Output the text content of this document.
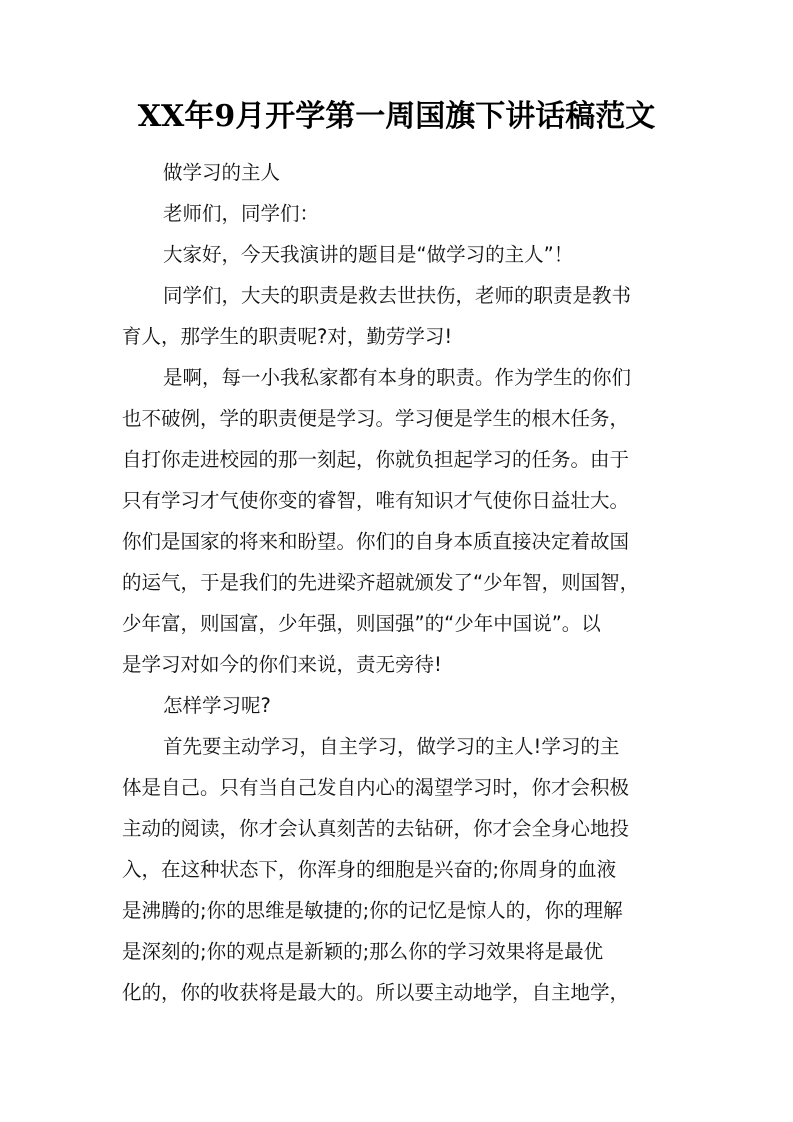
XX年9月开学第一周国旗下讲话稿范文

做学习的主人

老师们，同学们：

大家好，今天我演讲的题目是“做学习的主人”！

同学们，大夫的职责是救去世扶伤，老师的职责是教书
育人，那学生的职责呢?对，勤劳学习!

是啊，每一小我私家都有本身的职责。作为学生的你们
也不破例，学的职责便是学习。学习便是学生的根木任务，
自打你走进校园的那一刻起，你就负担起学习的任务。由于
只有学习才气使你变的睿智，唯有知识才气使你日益壮大。
你们是国家的将来和盼望。你们的自身本质直接决定着故国
的运气，于是我们的先进梁齐超就颁发了“少年智，则国智，
少年富，则国富，少年强，则国强”的“少年中国说”。以
是学习对如今的你们来说，责无旁待!

怎样学习呢?

首先要主动学习，自主学习，做学习的主人!学习的主
体是自己。只有当自己发自内心的渴望学习时，你才会积极
主动的阅读，你才会认真刻苦的去钻研，你才会全身心地投
入，在这种状态下，你浑身的细胞是兴奋的;你周身的血液
是沸腾的;你的思维是敏捷的;你的记忆是惊人的，你的理解
是深刻的;你的观点是新颖的;那么你的学习效果将是最优
化的，你的收获将是最大的。所以要主动地学，自主地学，
